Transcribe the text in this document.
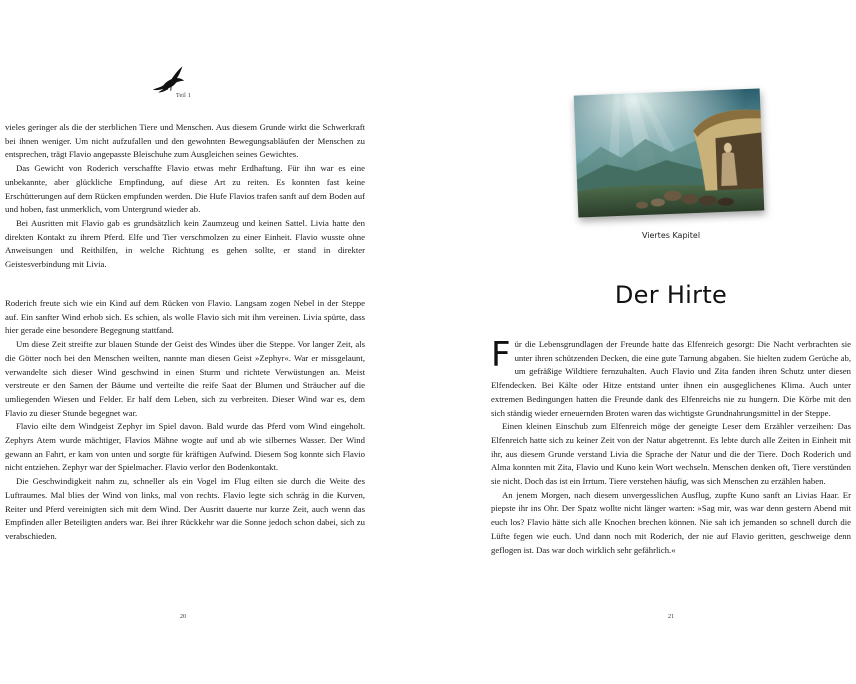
Teil 1

vieles geringer als die der sterblichen Tiere und Menschen. Aus diesem Grunde wirkt die Schwerkraft bei ihnen weniger. Um nicht aufzufallen und den gewohnten Bewegungsabläufen der Menschen zu entsprechen, trägt Flavio angepasste Bleischuhe zum Ausgleichen seines Gewichtes.

Das Gewicht von Roderich verschaffte Flavio etwas mehr Erdhaftung. Für ihn war es eine unbekannte, aber glückliche Empfindung, auf diese Art zu reiten. Es konnten fast keine Erschütterungen auf dem Rücken empfunden werden. Die Hufe Flavios trafen sanft auf dem Boden auf und hoben, fast unmerklich, vom Untergrund wieder ab.

Bei Ausritten mit Flavio gab es grundsätzlich kein Zaumzeug und keinen Sattel. Livia hatte den direkten Kontakt zu ihrem Pferd. Elfe und Tier verschmolzen zu einer Einheit. Flavio wusste ohne Anweisungen und Reithilfen, in welche Richtung es gehen sollte, er stand in direkter Geistesverbindung mit Livia.

Roderich freute sich wie ein Kind auf dem Rücken von Flavio. Langsam zogen Nebel in der Steppe auf. Ein sanfter Wind erhob sich. Es schien, als wolle Flavio sich mit ihm vereinen. Livia spürte, dass hier gerade eine besondere Begegnung stattfand.

Um diese Zeit streifte zur blauen Stunde der Geist des Windes über die Steppe. Vor langer Zeit, als die Götter noch bei den Menschen weilten, nannte man diesen Geist »Zephyr«. War er missgelaunt, verwandelte sich dieser Wind geschwind in einen Sturm und richtete Verwüstungen an. Meist verstreute er den Samen der Bäume und verteilte die reife Saat der Blumen und Sträucher auf die umliegenden Wiesen und Felder. Er half dem Leben, sich zu verbreiten. Dieser Wind war es, dem Flavio zu dieser Stunde begegnet war.

Flavio eilte dem Windgeist Zephyr im Spiel davon. Bald wurde das Pferd vom Wind eingeholt. Zephyrs Atem wurde mächtiger, Flavios Mähne wogte auf und ab wie silbernes Wasser. Der Wind gewann an Fahrt, er kam von unten und sorgte für kräftigen Aufwind. Diesem Sog konnte sich Flavio nicht entziehen. Zephyr war der Spielmacher. Flavio verlor den Bodenkontakt.

Die Geschwindigkeit nahm zu, schneller als ein Vogel im Flug eilten sie durch die Weite des Luftraumes. Mal blies der Wind von links, mal von rechts. Flavio legte sich schräg in die Kurven, Reiter und Pferd vereinigten sich mit dem Wind. Der Ausritt dauerte nur kurze Zeit, auch wenn das Empfinden aller Beteiligten anders war. Bei ihrer Rückkehr war die Sonne jedoch schon dabei, sich zu verabschieden.

20
Viertes Kapitel
Der Hirte

Für die Lebensgrundlagen der Freunde hatte das Elfenreich gesorgt: Die Nacht verbrachten sie unter ihren schützenden Decken, die eine gute Tarnung abgaben. Sie hielten zudem Gerüche ab, um gefräßige Wildtiere fernzuhalten. Auch Flavio und Zita fanden ihren Schutz unter diesen Elfendecken. Bei Kälte oder Hitze entstand unter ihnen ein ausgeglichenes Klima. Auch unter extremen Bedingungen hatten die Freunde dank des Elfenreichs nie zu hungern. Die Körbe mit den sich ständig wieder erneuernden Broten waren das wichtigste Grundnahrungsmittel in der Steppe.

Einen kleinen Einschub zum Elfenreich möge der geneigte Leser dem Erzähler verzeihen: Das Elfenreich hatte sich zu keiner Zeit von der Natur abgetrennt. Es lebte durch alle Zeiten in Einheit mit ihr, aus diesem Grunde verstand Livia die Sprache der Natur und die der Tiere. Doch Roderich und Alma konnten mit Zita, Flavio und Kuno kein Wort wechseln. Menschen denken oft, Tiere verstünden sie nicht. Doch das ist ein Irrtum. Tiere verstehen häufig, was sich Menschen zu erzählen haben.

An jenem Morgen, nach diesem unvergesslichen Ausflug, zupfte Kuno sanft an Livias Haar. Er piepste ihr ins Ohr. Der Spatz wollte nicht länger warten: »Sag mir, was war denn gestern Abend mit euch los? Flavio hätte sich alle Knochen brechen können. Nie sah ich jemanden so schnell durch die Lüfte fegen wie euch. Und dann noch mit Roderich, der nie auf Flavio geritten, geschweige denn geflogen ist. Das war doch wirklich sehr gefährlich.«

21
